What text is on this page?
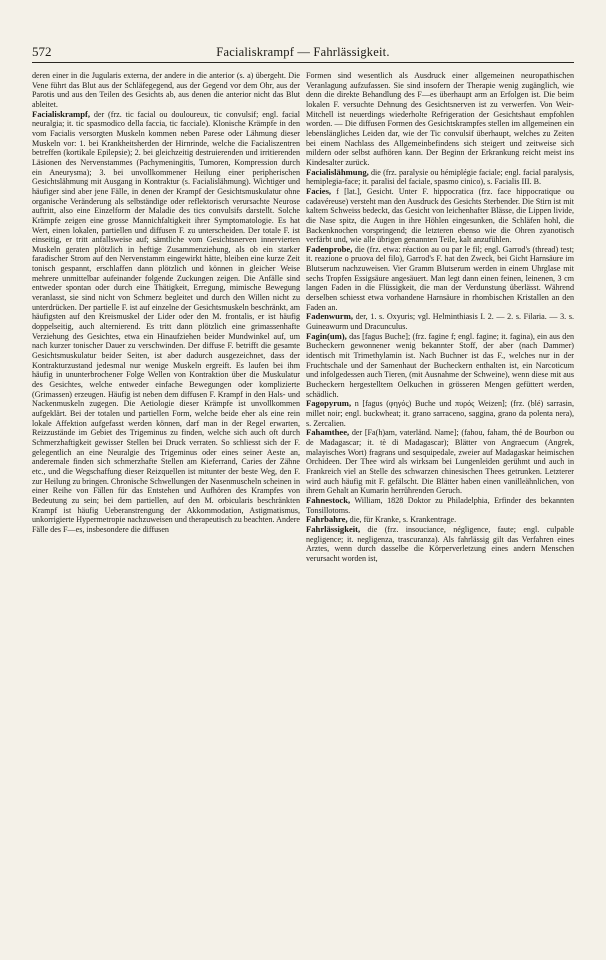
572	Facialiskrampf — Fahrlässigkeit.

deren einer in die Jugularis externa, der andere in die anterior (s. a) übergeht. Die Vene führt das Blut aus der Schläfegegend, aus der Gegend vor dem Ohr, aus der Parotis und aus den Teilen des Gesichts ab, aus denen die anterior nicht das Blut ableitet.

Facialiskrampf, der (frz. tic facial ou douloureux, tic convulsif; engl. facial neuralgia; it. tic spasmodico della faccia, tic facciale). Klonische Krämpfe in den vom Facialis versorgten Muskeln kommen neben Parese oder Lähmung dieser Muskeln vor: 1. bei Krankheitsherden der Hirnrinde, welche die Facialiszentren betreffen (kortikale Epilepsie); 2. bei gleichzeitig destruierenden und irritierenden Läsionen des Nervenstammes (Pachymeningitis, Tumoren, Kompression durch ein Aneurysma); 3. bei unvollkommener Heilung einer peripherischen Gesichtslähmung mit Ausgang in Kontraktur (s. Facialislähmung). Wichtiger und häufiger sind aber jene Fälle, in denen der Krampf der Gesichtsmuskulatur ohne organische Veränderung als selbständige oder reflektorisch verursachte Neurose auftritt, also eine Einzelform der Maladie des tics convulsifs darstellt. Solche Krämpfe zeigen eine grosse Mannichfaltigkeit ihrer Symptomatologie. Es hat Wert, einen lokalen, partiellen und diffusen F. zu unterscheiden. Der totale F. ist einseitig, er tritt anfallsweise auf; sämtliche vom Gesichtsnerven innervierten Muskeln geraten plötzlich in heftige Zusammenziehung, als ob ein starker faradischer Strom auf den Nervenstamm eingewirkt hätte, bleiben eine kurze Zeit tonisch gespannt, erschlaffen dann plötzlich und können in gleicher Weise mehrere unmittelbar aufeinander folgende Zuckungen zeigen. Die Anfälle sind entweder spontan oder durch eine Thätigkeit, Erregung, mimische Bewegung veranlasst, sie sind nicht von Schmerz begleitet und durch den Willen nicht zu unterdrücken. Der partielle F. ist auf einzelne der Gesichtsmuskeln beschränkt, am häufigsten auf den Kreismuskel der Lider oder den M. frontalis, er ist häufig doppelseitig, auch alternierend. Es tritt dann plötzlich eine grimassenhafte Verziehung des Gesichtes, etwa ein Hinaufziehen beider Mundwinkel auf, um nach kurzer tonischer Dauer zu verschwinden. Der diffuse F. betrifft die gesamte Gesichtsmuskulatur beider Seiten, ist aber dadurch ausgezeichnet, dass der Kontrakturzustand jedesmal nur wenige Muskeln ergreift. Es laufen bei ihm häufig in ununterbrochener Folge Wellen von Kontraktion über die Muskulatur des Gesichtes, welche entweder einfache Bewegungen oder komplizierte (Grimassen) erzeugen. Häufig ist neben dem diffusen F. Krampf in den Hals- und Nackenmuskeln zugegen. Die Aetiologie dieser Krämpfe ist unvollkommen aufgeklärt. Bei der totalen und partiellen Form, welche beide eher als eine rein lokale Affektion aufgefasst werden können, darf man in der Regel erwarten, Reizzustände im Gebiet des Trigeminus zu finden, welche sich auch oft durch Schmerzhaftigkeit gewisser Stellen bei Druck verraten. So schliesst sich der F. gelegentlich an eine Neuralgie des Trigeminus oder eines seiner Aeste an, anderemale finden sich schmerzhafte Stellen am Kieferrand, Caries der Zähne etc., und die Wegschaffung dieser Reizquellen ist mitunter der beste Weg, den F. zur Heilung zu bringen. Chronische Schwellungen der Nasenmuscheln scheinen in einer Reihe von Fällen für das Entstehen und Aufhören des Krampfes von Bedeutung zu sein; bei dem partiellen, auf den M. orbicularis beschränkten Krampf ist häufig Ueberanstrengung der Akkommodation, Astigmatismus, unkorrigierte Hypermetropie nachzuweisen und therapeutisch zu beachten. Andere Fälle des F—es, insbesondere die diffusen

Formen sind wesentlich als Ausdruck einer allgemeinen neuropathischen Veranlagung aufzufassen. Sie sind insofern der Therapie wenig zugänglich, wie denn die direkte Behandlung des F—es überhaupt arm an Erfolgen ist. Die beim lokalen F. versuchte Dehnung des Gesichtsnerven ist zu verwerfen. Von Weir-Mitchell ist neuerdings wiederholte Refrigeration der Gesichtshaut empfohlen worden. — Die diffusen Formen des Gesichtskrampfes stellen im allgemeinen ein lebenslängliches Leiden dar, wie der Tic convulsif überhaupt, welches zu Zeiten bei einem Nachlass des Allgemeinbefindens sich steigert und zeitweise sich mildern oder selbst aufhören kann. Der Beginn der Erkrankung reicht meist ins Kindesalter zurück.

Facialislähmung, die (frz. paralysie ou hémiplégie faciale; engl. facial paralysis, hemiplegia-face; it. paralisi del faciale, spasmo cinico), s. Facialis III. B.

Facies, f [lat.], Gesicht. Unter F. hippocratica (frz. face hippocratique ou cadavéreuse) versteht man den Ausdruck des Gesichts Sterbender. Die Stirn ist mit kaltem Schweiss bedeckt, das Gesicht von leichenhafter Blässe, die Lippen livide, die Nase spitz, die Augen in ihre Höhlen eingesunken, die Schläfen hohl, die Backenknochen vorspringend; die letzteren ebenso wie die Ohren zyanotisch verfärbt und, wie alle übrigen genannten Teile, kalt anzufühlen.

Fadenprobe, die (frz. etwa: réaction au ou par le fil; engl. Garrod's (thread) test; it. reazione o pruova del filo), Garrod's F. hat den Zweck, bei Gicht Harnsäure im Blutserum nachzuweisen. Vier Gramm Blutserum werden in einem Uhrglase mit sechs Tropfen Essigsäure angesäuert. Man legt dann einen feinen, leinenen, 3 cm langen Faden in die Flüssigkeit, die man der Verdunstung überlässt. Während derselben schiesst etwa vorhandene Harnsäure in rhombischen Kristallen an den Faden an.

Fadenwurm, der, 1. s. Oxyuris; vgl. Helminthiasis I. 2. — 2. s. Filaria. — 3. s. Guineawurm und Dracunculus.

Fagin(um), das [fagus Buche]; (frz. fagine f; engl. fagine; it. fagina), ein aus den Bucheckern gewonnener wenig bekannter Stoff, der aber (nach Dammer) identisch mit Trimethylamin ist. Nach Buchner ist das F., welches nur in der Fruchtschale und der Samenhaut der Bucheckern enthalten ist, ein Narcoticum und infolgedessen auch Tieren, (mit Ausnahme der Schweine), wenn diese mit aus Bucheckern hergestelltem Oelkuchen in grösseren Mengen gefüttert werden, schädlich.

Fagopyrum, n [fagus (φηγός) Buche und πυρός Weizen]; (frz. (blé) sarrasin, millet noir; engl. buckwheat; it. grano sarraceno, saggina, grano da polenta nera), s. Zercalien.

Fahamthee, der [Fa(h)am, vaterländ. Name]; (fahou, faham, thé de Bourbon ou de Madagascar; it. tè di Madagascar); Blätter von Angraecum (Angrek, malayisches Wort) fragrans und sesquipedale, zweier auf Madagaskar heimischen Orchideen. Der Thee wird als wirksam bei Lungenleiden gerühmt und auch in Frankreich viel an Stelle des schwarzen chinesischen Thees getrunken. Letzterer wird auch häufig mit F. gefälscht. Die Blätter haben einen vanilleähnlichen, von ihrem Gehalt an Kumarin herrührenden Geruch.

Fahnestock, William, 1828 Doktor zu Philadelphia, Erfinder des bekannten Tonsillotoms.

Fahrbahre, die, für Kranke, s. Krankentrage.

Fahrlässigkeit, die (frz. insouciance, négligence, faute; engl. culpable negligence; it. negligenza, trascuranza). Als fahrlässig gilt das Verfahren eines Arztes, wenn durch dasselbe die Körperverletzung eines andern Menschen verursacht worden ist,
